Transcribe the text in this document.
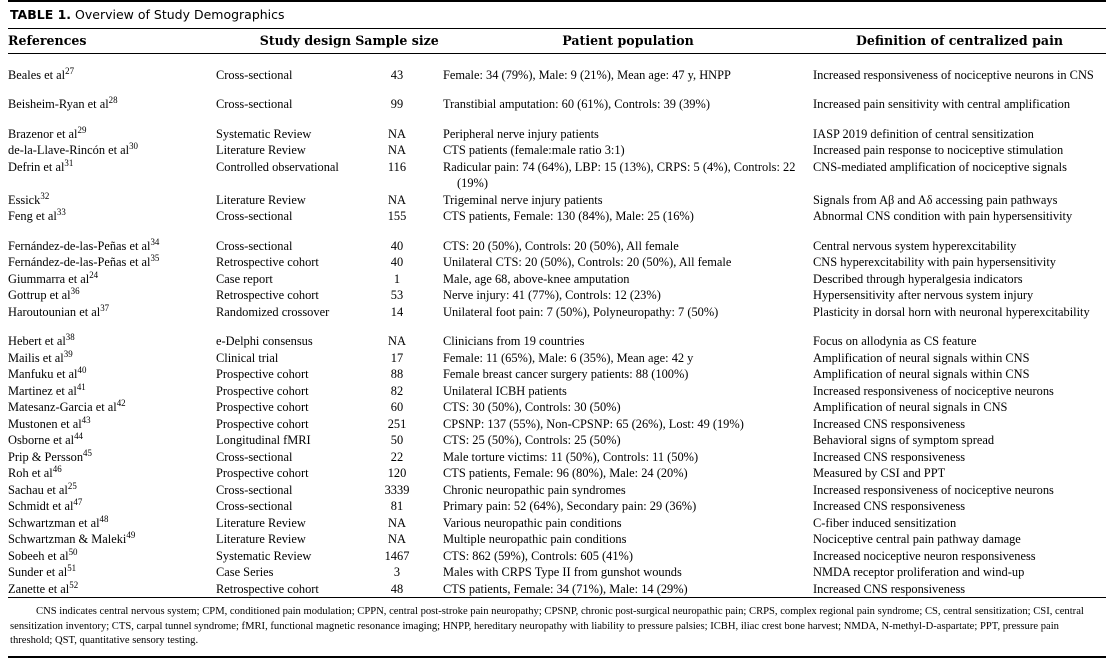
TABLE 1. Overview of Study Demographics
References	Study design	Sample size	Patient population	Definition of centralized pain

Beales et $al^{27}$	Cross-sectional	43	Female: 34 (79%), Male: 9 (21%), Mean age: 47 y, HNPP	Increased responsiveness of nociceptive neurons in CNS

Beisheim-Ryan et $al^{28}$	Cross-sectional	99	Transtibial amputation: 60 (61%), Controls: 39 (39%)	Increased pain sensitivity with central amplification

Brazenor et $al^{29}$	Systematic Review	NA	Peripheral nerve injury patients	IASP 2019 definition of central sensitization

de-la-Llave-Rincón et $al^{30}$	Literature Review	NA	CTS patients (female:male ratio 3:1)	Increased pain response to nociceptive stimulation

Defrin et $al^{31}$	Controlled observational	116	Radicular pain: 74 (64%), LBP: 15 (13%), CRPS: 5 (4%), Controls: 22 (19%)	CNS-mediated amplification of nociceptive signals

Essick$^{32}$	Literature Review	NA	Trigeminal nerve injury patients	Signals from Aβ and Aδ accessing pain pathways

Feng et $al^{33}$	Cross-sectional	155	CTS patients, Female: 130 (84%), Male: 25 (16%)	Abnormal CNS condition with pain hypersensitivity

Fernández-de-las-Peñas et $al^{34}$	Cross-sectional	40	CTS: 20 (50%), Controls: 20 (50%), All female	Central nervous system hyperexcitability

Fernández-de-las-Peñas et $al^{35}$	Retrospective cohort	40	Unilateral CTS: 20 (50%), Controls: 20 (50%), All female	CNS hyperexcitability with pain hypersensitivity

Giummarra et $al^{24}$	Case report	1	Male, age 68, above-knee amputation	Described through hyperalgesia indicators

Gottrup et $al^{36}$	Retrospective cohort	53	Nerve injury: 41 (77%), Controls: 12 (23%)	Hypersensitivity after nervous system injury

Haroutounian et $al^{37}$	Randomized crossover	14	Unilateral foot pain: 7 (50%), Polyneuropathy: 7 (50%)	Plasticity in dorsal horn with neuronal hyperexcitability

Hebert et $al^{38}$	e-Delphi consensus	NA	Clinicians from 19 countries	Focus on allodynia as CS feature

Mailis et $al^{39}$	Clinical trial	17	Female: 11 (65%), Male: 6 (35%), Mean age: 42 y	Amplification of neural signals within CNS

Manfuku et $al^{40}$	Prospective cohort	88	Female breast cancer surgery patients: 88 (100%)	Amplification of neural signals within CNS

Martinez et $al^{41}$	Prospective cohort	82	Unilateral ICBH patients	Increased responsiveness of nociceptive neurons

Matesanz-Garcia et $al^{42}$	Prospective cohort	60	CTS: 30 (50%), Controls: 30 (50%)	Amplification of neural signals in CNS

Mustonen et $al^{43}$	Prospective cohort	251	CPSNP: 137 (55%), Non-CPSNP: 65 (26%), Lost: 49 (19%)	Increased CNS responsiveness

Osborne et $al^{44}$	Longitudinal fMRI	50	CTS: 25 (50%), Controls: 25 (50%)	Behavioral signs of symptom spread

Prip & Persson$^{45}$	Cross-sectional	22	Male torture victims: 11 (50%), Controls: 11 (50%)	Increased CNS responsiveness

Roh et $al^{46}$	Prospective cohort	120	CTS patients, Female: 96 (80%), Male: 24 (20%)	Measured by CSI and PPT

Sachau et $al^{25}$	Cross-sectional	3339	Chronic neuropathic pain syndromes	Increased responsiveness of nociceptive neurons

Schmidt et $al^{47}$	Cross-sectional	81	Primary pain: 52 (64%), Secondary pain: 29 (36%)	Increased CNS responsiveness

Schwartzman et $al^{48}$	Literature Review	NA	Various neuropathic pain conditions	C-fiber induced sensitization

Schwartzman & Maleki$^{49}$	Literature Review	NA	Multiple neuropathic pain conditions	Nociceptive central pain pathway damage

Sobeeh et $al^{50}$	Systematic Review	1467	CTS: 862 (59%), Controls: 605 (41%)	Increased nociceptive neuron responsiveness

Sunder et $al^{51}$	Case Series	3	Males with CRPS Type II from gunshot wounds	NMDA receptor proliferation and wind-up

Zanette et $al^{52}$	Retrospective cohort	48	CTS patients, Female: 34 (71%), Male: 14 (29%)	Increased CNS responsiveness
CNS indicates central nervous system; CPM, conditioned pain modulation; CPPN, central post-stroke pain neuropathy; CPSNP, chronic post-surgical neuropathic pain; CRPS, complex regional pain syndrome; CS, central sensitization; CSI, central sensitization inventory; CTS, carpal tunnel syndrome; fMRI, functional magnetic resonance imaging; HNPP, hereditary neuropathy with liability to pressure palsies; ICBH, iliac crest bone harvest; NMDA, N-methyl-D-aspartate; PPT, pressure pain threshold; QST, quantitative sensory testing.
